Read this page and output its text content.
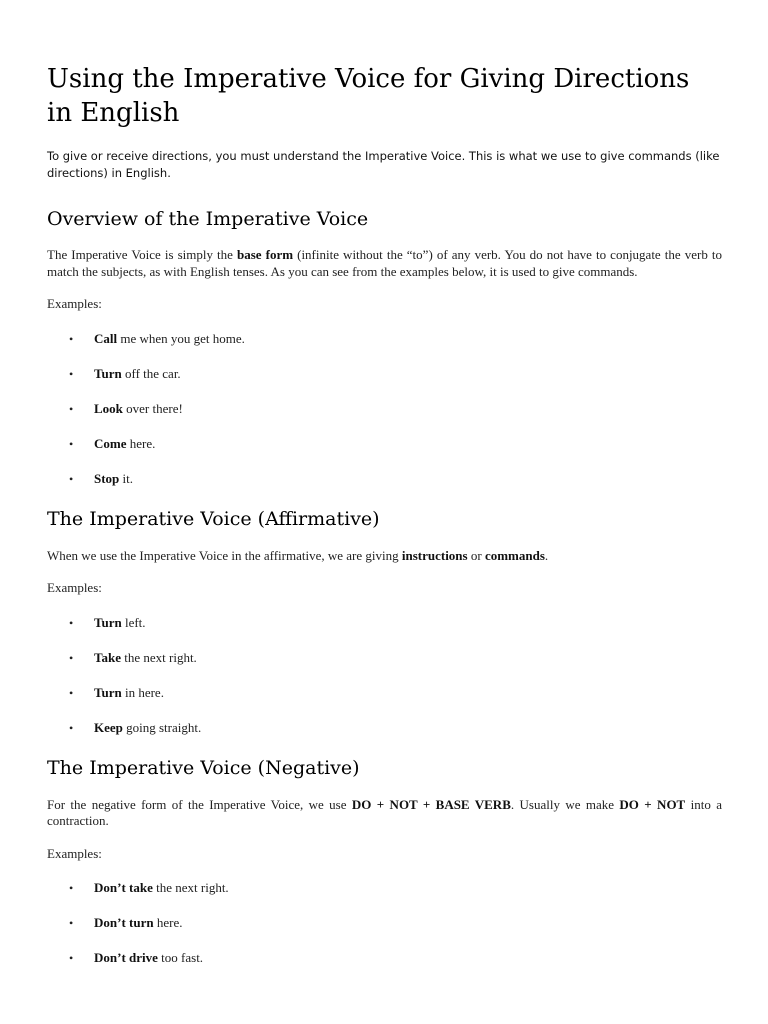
Using the Imperative Voice for Giving Directions in English

To give or receive directions, you must understand the Imperative Voice. This is what we use to give commands (like directions) in English.

Overview of the Imperative Voice

The Imperative Voice is simply the base form (infinite without the “to”) of any verb. You do not have to conjugate the verb to match the subjects, as with English tenses. As you can see from the examples below, it is used to give commands.

Examples:

• Call me when you get home.
• Turn off the car.
• Look over there!
• Come here.
• Stop it.
The Imperative Voice (Affirmative)

When we use the Imperative Voice in the affirmative, we are giving instructions or commands.

Examples:

• Turn left.
• Take the next right.
• Turn in here.
• Keep going straight.
The Imperative Voice (Negative)

For the negative form of the Imperative Voice, we use DO + NOT + BASE VERB. Usually we make DO + NOT into a contraction.

Examples:

• Don’t take the next right.
• Don’t turn here.
• Don’t drive too fast.
